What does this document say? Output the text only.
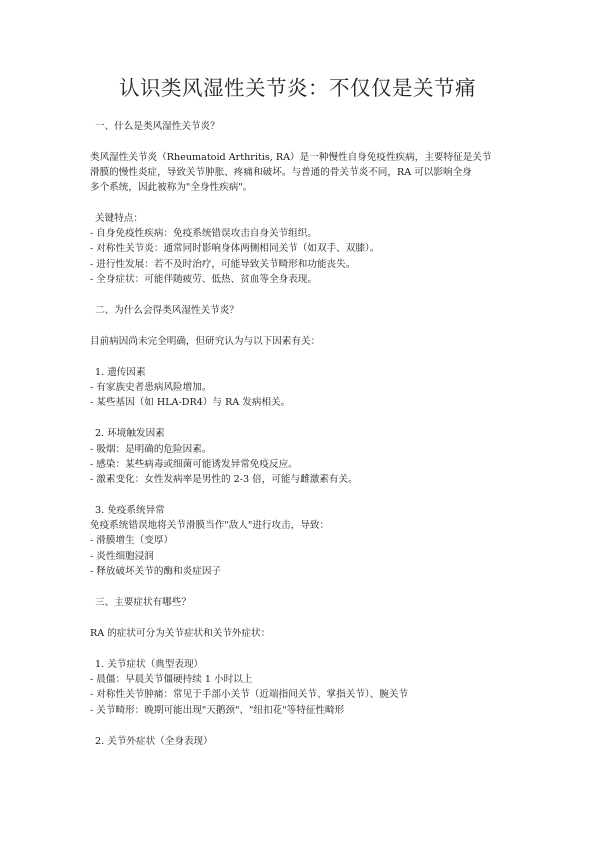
认识类风湿性关节炎：不仅仅是关节痛
一、什么是类风湿性关节炎？
类风湿性关节炎（Rheumatoid Arthritis, RA）是一种慢性自身免疫性疾病，主要特征是关节
滑膜的慢性炎症，导致关节肿胀、疼痛和破坏。与普通的骨关节炎不同，RA 可以影响全身
多个系统，因此被称为"全身性疾病"。
关键特点：
- 自身免疫性疾病：免疫系统错误攻击自身关节组织。
- 对称性关节炎：通常同时影响身体两侧相同关节（如双手、双膝）。
- 进行性发展：若不及时治疗，可能导致关节畸形和功能丧失。
- 全身症状：可能伴随疲劳、低热、贫血等全身表现。
二、为什么会得类风湿性关节炎？
目前病因尚未完全明确，但研究认为与以下因素有关：
1. 遗传因素
- 有家族史者患病风险增加。
- 某些基因（如 HLA-DR4）与 RA 发病相关。
2. 环境触发因素
- 吸烟：是明确的危险因素。
- 感染：某些病毒或细菌可能诱发异常免疫反应。
- 激素变化：女性发病率是男性的 2-3 倍，可能与雌激素有关。
3. 免疫系统异常
免疫系统错误地将关节滑膜当作"敌人"进行攻击，导致：
- 滑膜增生（变厚）
- 炎性细胞浸润
- 释放破坏关节的酶和炎症因子
三、主要症状有哪些？
RA 的症状可分为关节症状和关节外症状：
1. 关节症状（典型表现）
- 晨僵：早晨关节僵硬持续 1 小时以上
- 对称性关节肿痛：常见于手部小关节（近端指间关节、掌指关节）、腕关节
- 关节畸形：晚期可能出现"天鹅颈"、"纽扣花"等特征性畸形
2. 关节外症状（全身表现）
